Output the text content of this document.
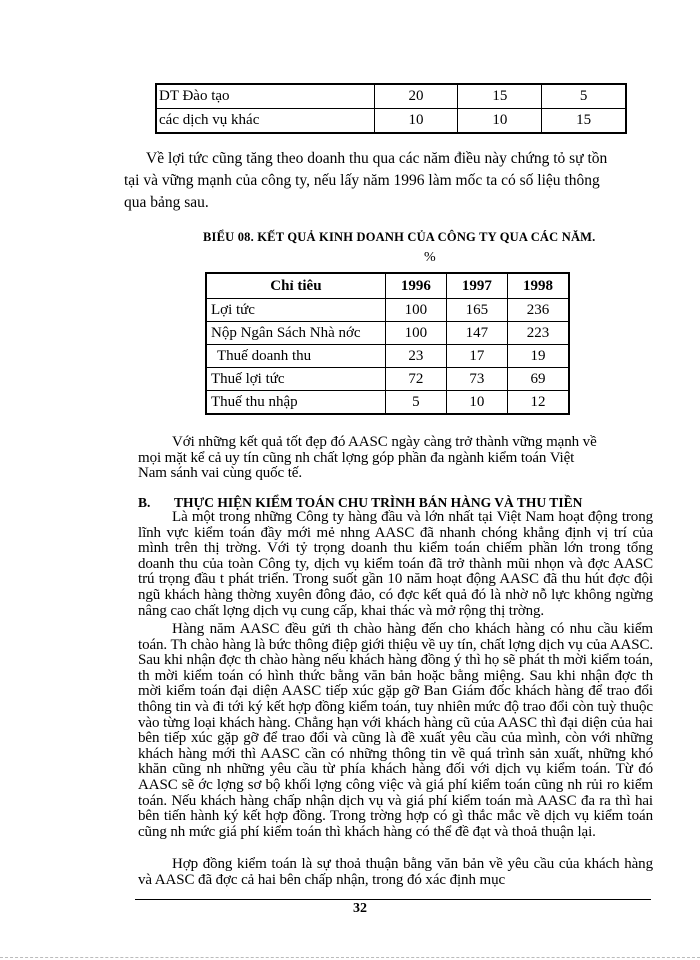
DT Đào tạo	20	15	5
các dịch vụ khác	10	10	15
Về lợi tức cũng tăng theo doanh thu qua các năm điều này chứng tỏ sự tồn
tại và vững mạnh của công ty, nếu lấy năm 1996 làm mốc ta có số liệu thông
qua bảng sau.
BIỂU 08. KẾT QUẢ KINH DOANH CỦA CÔNG TY QUA CÁC NĂM.
%
Chỉ tiêu	1996	1997	1998
Lợi tức	100	165	236
Nộp Ngân Sách Nhà nớc	100	147	223
Thuế doanh thu	23	17	19
Thuế lợi tức	72	73	69
Thuế thu nhập	5	10	12
Với những kết quả tốt đẹp đó AASC ngày càng trở thành vững mạnh về
mọi mặt kể cả uy tín cũng nh chất lợng góp phần đa ngành kiểm toán Việt
Nam sánh vai cùng quốc tế.
B. THỰC HIỆN KIỂM TOÁN CHU TRÌNH BÁN HÀNG VÀ THU TIỀN
Là một trong những Công ty hàng đầu và lớn nhất tại Việt Nam hoạt động trong lĩnh vực kiểm toán đầy mới mẻ nhng AASC đã nhanh chóng khẳng định vị trí của mình trên thị trờng. Với tỷ trọng doanh thu kiểm toán chiếm phần lớn trong tổng doanh thu của toàn Công ty, dịch vụ kiểm toán đã trở thành mũi nhọn và đợc AASC trú trọng đầu t phát triển. Trong suốt gần 10 năm hoạt động AASC đã thu hút đợc đội ngũ khách hàng thờng xuyên đông đảo, có đợc kết quả đó là nhờ nỗ lực không ngừng nâng cao chất lợng dịch vụ cung cấp, khai thác và mở rộng thị trờng.
Hàng năm AASC đều gửi th chào hàng đến cho khách hàng có nhu cầu kiểm toán. Th chào hàng là bức thông điệp giới thiệu về uy tín, chất lợng dịch vụ của AASC. Sau khi nhận đợc th chào hàng nếu khách hàng đồng ý thì họ sẽ phát th mời kiểm toán, th mời kiểm toán có hình thức bằng văn bản hoặc bằng miệng. Sau khi nhận đợc th mời kiểm toán đại diện AASC tiếp xúc gặp gỡ Ban Giám đốc khách hàng để trao đổi thông tin và đi tới ký kết hợp đồng kiểm toán, tuy nhiên mức độ trao đổi còn tuỳ thuộc vào từng loại khách hàng. Chẳng hạn với khách hàng cũ của AASC thì đại diện của hai bên tiếp xúc gặp gỡ để trao đổi và cũng là đề xuất yêu cầu của mình, còn với những khách hàng mới thì AASC cần có những thông tin về quá trình sản xuất, những khó khăn cũng nh những yêu cầu từ phía khách hàng đối với dịch vụ kiểm toán. Từ đó AASC sẽ ớc lợng sơ bộ khối lợng công việc và giá phí kiểm toán cũng nh rủi ro kiểm toán. Nếu khách hàng chấp nhận dịch vụ và giá phí kiểm toán mà AASC đa ra thì hai bên tiến hành ký kết hợp đồng. Trong trờng hợp có gì thắc mắc về dịch vụ kiểm toán cũng nh mức giá phí kiểm toán thì khách hàng có thể đề đạt và thoả thuận lại.
Hợp đồng kiểm toán là sự thoả thuận bằng văn bản về yêu cầu của khách hàng và AASC đã đợc cả hai bên chấp nhận, trong đó xác định mục
32
